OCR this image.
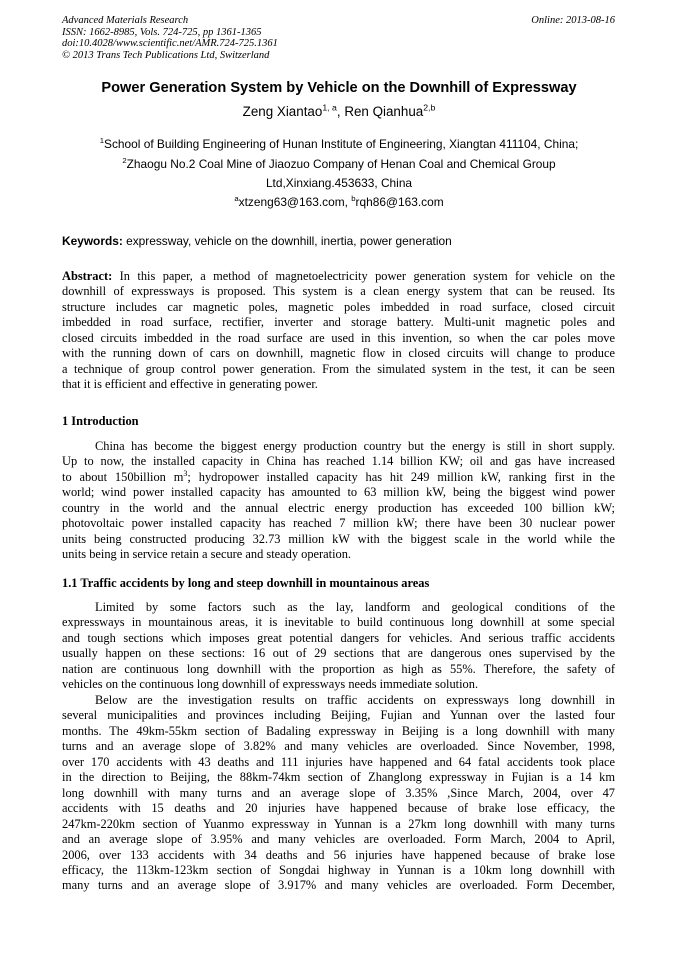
Advanced Materials Research
ISSN: 1662-8985, Vols. 724-725, pp 1361-1365
doi:10.4028/www.scientific.net/AMR.724-725.1361
© 2013 Trans Tech Publications Ltd, Switzerland
Online: 2013-08-16
Power Generation System by Vehicle on the Downhill of Expressway
Zeng Xiantao$^{1, a}$, Ren Qianhua$^{2,b}$
$^1$School of Building Engineering of Hunan Institute of Engineering, Xiangtan 411104, China;
$^2$Zhaogu No.2 Coal Mine of Jiaozuo Company of Henan Coal and Chemical Group
Ltd,Xinxiang.453633, China
$^a$xtzeng63@163.com, $^b$rqh86@163.com
Keywords: expressway, vehicle on the downhill, inertia, power generation
Abstract: In this paper, a method of magnetoelectricity power generation system for vehicle on the
downhill of expressways is proposed. This system is a clean energy system that can be reused. Its
structure includes car magnetic poles, magnetic poles imbedded in road surface, closed circuit
imbedded in road surface, rectifier, inverter and storage battery. Multi-unit magnetic poles and
closed circuits imbedded in the road surface are used in this invention, so when the car poles move
with the running down of cars on downhill, magnetic flow in closed circuits will change to produce
a technique of group control power generation. From the simulated system in the test, it can be seen
that it is efficient and effective in generating power.
1 Introduction
China has become the biggest energy production country but the energy is still in short supply.
Up to now, the installed capacity in China has reached 1.14 billion KW; oil and gas have increased
to about 150billion $m^3$; hydropower installed capacity has hit 249 million kW, ranking first in the
world; wind power installed capacity has amounted to 63 million kW, being the biggest wind power
country in the world and the annual electric energy production has exceeded 100 billion kW;
photovoltaic power installed capacity has reached 7 million kW; there have been 30 nuclear power
units being constructed producing 32.73 million kW with the biggest scale in the world while the
units being in service retain a secure and steady operation.
1.1 Traffic accidents by long and steep downhill in mountainous areas
Limited by some factors such as the lay, landform and geological conditions of the
expressways in mountainous areas, it is inevitable to build continuous long downhill at some special
and tough sections which imposes great potential dangers for vehicles. And serious traffic accidents
usually happen on these sections: 16 out of 29 sections that are dangerous ones supervised by the
nation are continuous long downhill with the proportion as high as 55%. Therefore, the safety of
vehicles on the continuous long downhill of expressways needs immediate solution.
Below are the investigation results on traffic accidents on expressways long downhill in
several municipalities and provinces including Beijing, Fujian and Yunnan over the lasted four
months. The 49km-55km section of Badaling expressway in Beijing is a long downhill with many
turns and an average slope of 3.82% and many vehicles are overloaded. Since November, 1998,
over 170 accidents with 43 deaths and 111 injuries have happened and 64 fatal accidents took place
in the direction to Beijing, the 88km-74km section of Zhanglong expressway in Fujian is a 14 km
long downhill with many turns and an average slope of 3.35% ,Since March, 2004, over 47
accidents with 15 deaths and 20 injuries have happened because of brake lose efficacy, the
247km-220km section of Yuanmo expressway in Yunnan is a 27km long downhill with many turns
and an average slope of 3.95% and many vehicles are overloaded. Form March, 2004 to April,
2006, over 133 accidents with 34 deaths and 56 injuries have happened because of brake lose
efficacy, the 113km-123km section of Songdai highway in Yunnan is a 10km long downhill with
many turns and an average slope of 3.917% and many vehicles are overloaded. Form December,
